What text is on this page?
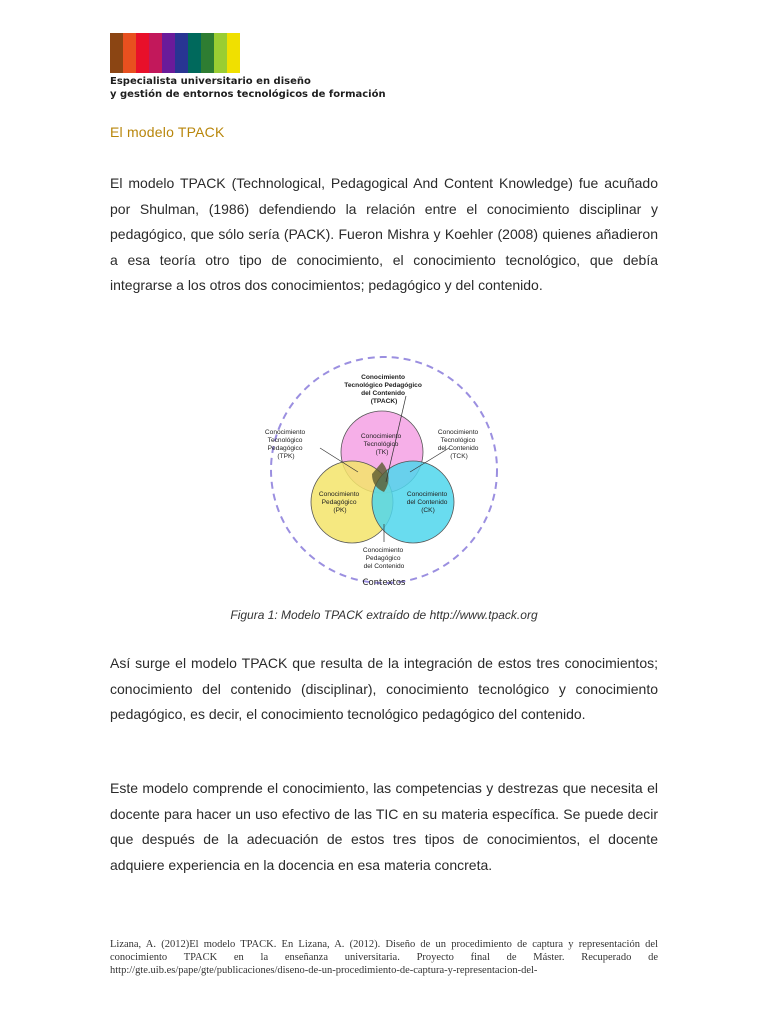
Especialista universitario en diseño
y gestión de entornos tecnológicos de formación
El modelo TPACK
El modelo TPACK (Technological, Pedagogical And Content Knowledge) fue acuñado por Shulman, (1986) defendiendo la relación entre el conocimiento disciplinar y pedagógico, que sólo sería (PACK). Fueron Mishra y Koehler (2008) quienes añadieron a esa teoría otro tipo de conocimiento, el conocimiento tecnológico, que debía integrarse a los otros dos conocimientos; pedagógico y del contenido.
Conocimiento Tecnológico Pedagógico del Contenido (TPACK)
Conocimiento Tecnológico Pedagógico (TPK)
Conocimiento Tecnológico del Contenido (TCK)
Conocimiento Tecnológico (TK)
Conocimiento Pedagógico (PK)
Conocimiento del Contenido (CK)
Conocimiento Pedagógico del Contenido
Contextos
Figura 1: Modelo TPACK extraído de http://www.tpack.org
Así surge el modelo TPACK que resulta de la integración de estos tres conocimientos; conocimiento del contenido (disciplinar), conocimiento tecnológico y conocimiento pedagógico, es decir, el conocimiento tecnológico pedagógico del contenido.
Este modelo comprende el conocimiento, las competencias y destrezas que necesita el docente para hacer un uso efectivo de las TIC en su materia específica. Se puede decir que después de la adecuación de estos tres tipos de conocimientos, el docente adquiere experiencia en la docencia en esa materia concreta.
Lizana, A. (2012)El modelo TPACK. En Lizana, A. (2012). Diseño de un procedimiento de captura y representación del conocimiento TPACK en la enseñanza universitaria. Proyecto final de Máster. Recuperado de http://gte.uib.es/pape/gte/publicaciones/diseno-de-un-procedimiento-de-captura-y-representacion-del-
